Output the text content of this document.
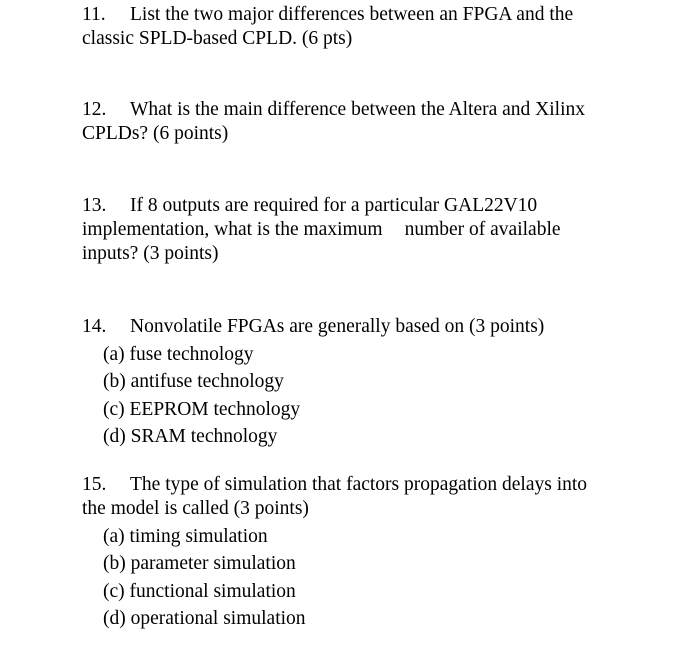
11. List the two major differences between an FPGA and the
classic SPLD-based CPLD. (6 pts)
12. What is the main difference between the Altera and Xilinx
CPLDs? (6 points)
13. If 8 outputs are required for a particular GAL22V10
implementation, what is the maximum number of available
inputs? (3 points)
14. Nonvolatile FPGAs are generally based on (3 points)
(a) fuse technology
(b) antifuse technology
(c) EEPROM technology
(d) SRAM technology
15. The type of simulation that factors propagation delays into
the model is called (3 points)
(a) timing simulation
(b) parameter simulation
(c) functional simulation
(d) operational simulation
